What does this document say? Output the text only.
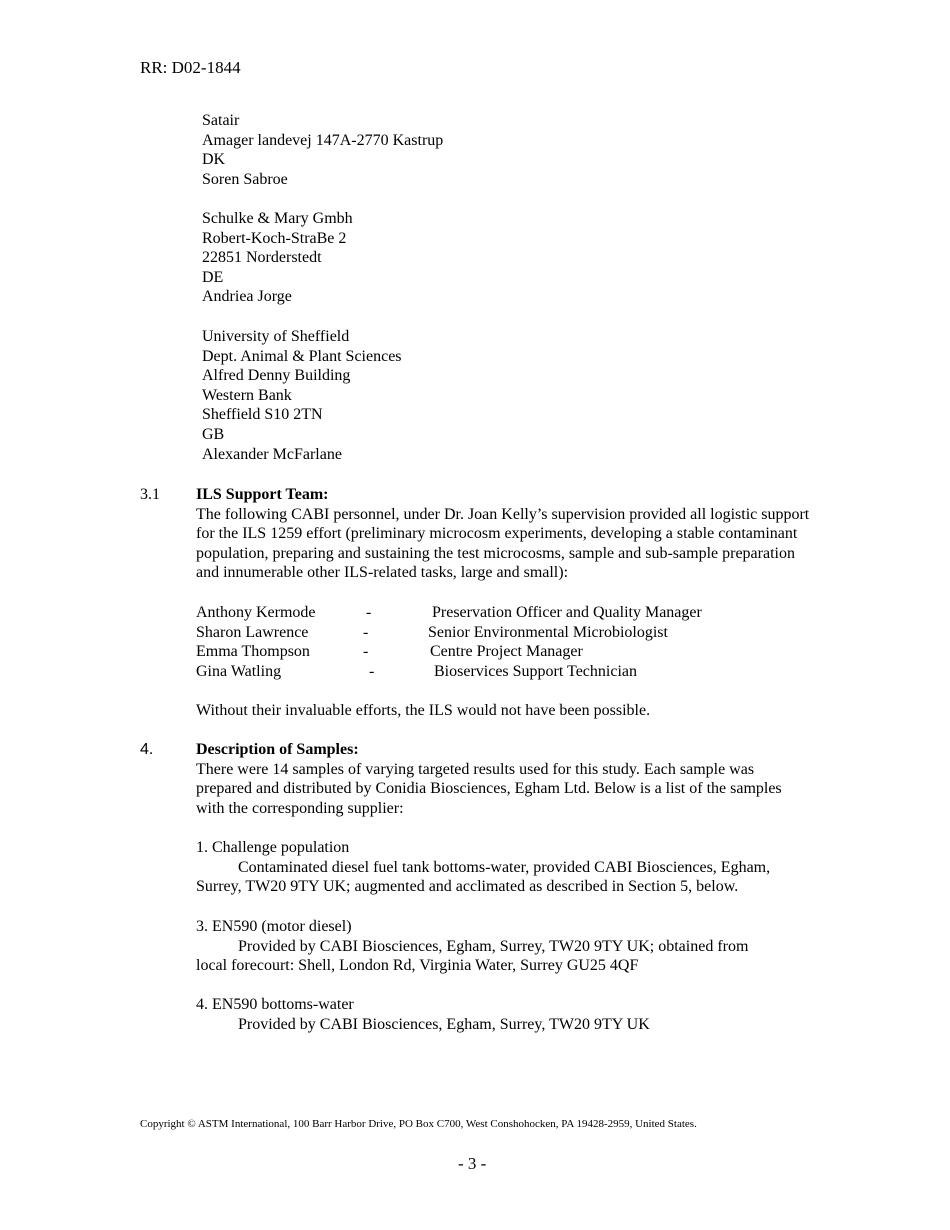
RR: D02-1844
Satair
Amager landevej 147A-2770 Kastrup
DK
Soren Sabroe
Schulke & Mary Gmbh
Robert-Koch-StraBe 2
22851 Norderstedt
DE
Andriea Jorge
University of Sheffield
Dept. Animal & Plant Sciences
Alfred Denny Building
Western Bank
Sheffield S10 2TN
GB
Alexander McFarlane
3.1 ILS Support Team:

The following CABI personnel, under Dr. Joan Kelly’s supervision provided all logistic support for the ILS 1259 effort (preliminary microcosm experiments, developing a stable contaminant population, preparing and sustaining the test microcosms, sample and sub-sample preparation and innumerable other ILS-related tasks, large and small):

Anthony Kermode	-	Preservation Officer and Quality Manager
Sharon Lawrence	-	Senior Environmental Microbiologist
Emma Thompson	-	Centre Project Manager
Gina Watling	-	Bioservices Support Technician
Without their invaluable efforts, the ILS would not have been possible.
4.	Description of Samples:

There were 14 samples of varying targeted results used for this study. Each sample was prepared and distributed by Conidia Biosciences, Egham Ltd. Below is a list of the samples with the corresponding supplier:

1. Challenge population
Contaminated diesel fuel tank bottoms-water, provided CABI Biosciences, Egham,
Surrey, TW20 9TY UK; augmented and acclimated as described in Section 5, below.
3. EN590 (motor diesel)
Provided by CABI Biosciences, Egham, Surrey, TW20 9TY UK; obtained from
local forecourt: Shell, London Rd, Virginia Water, Surrey GU25 4QF
4. EN590 bottoms-water
Provided by CABI Biosciences, Egham, Surrey, TW20 9TY UK
Copyright © ASTM International, 100 Barr Harbor Drive, PO Box C700, West Conshohocken, PA 19428-2959, United States.
- 3 -
